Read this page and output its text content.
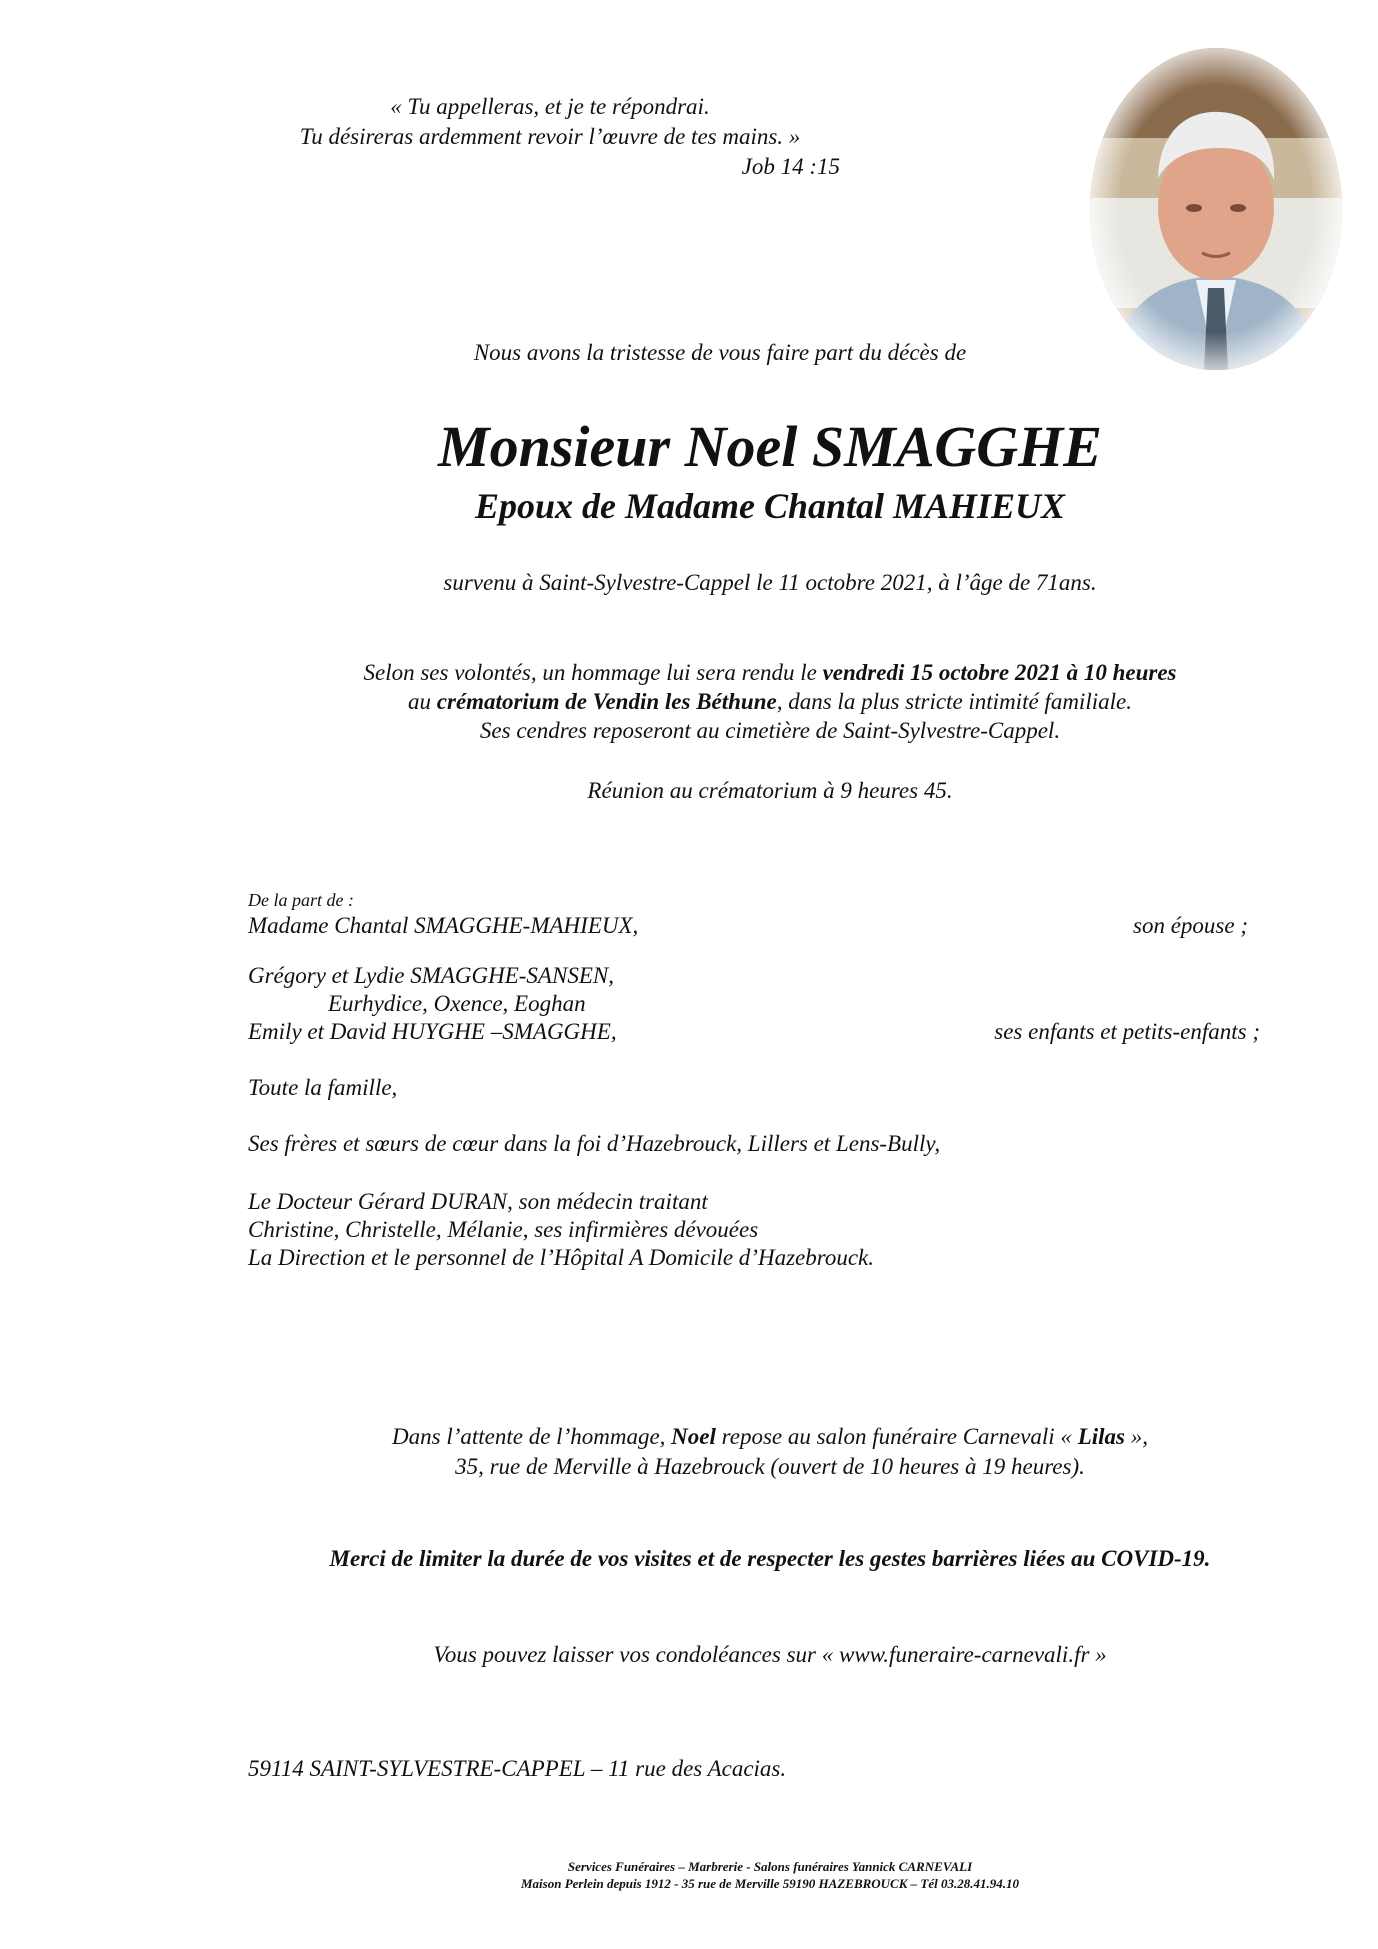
« Tu appelleras, et je te répondrai.
Tu désireras ardemment revoir l’œuvre de tes mains. »
Job 14 :15
Nous avons la tristesse de vous faire part du décès de
Monsieur Noel SMAGGHE
Epoux de Madame Chantal MAHIEUX
survenu à Saint-Sylvestre-Cappel le 11 octobre 2021, à l’âge de 71ans.
Selon ses volontés, un hommage lui sera rendu le vendredi 15 octobre 2021 à 10 heures
au crématorium de Vendin les Béthune, dans la plus stricte intimité familiale.
Ses cendres reposeront au cimetière de Saint-Sylvestre-Cappel.
Réunion au crématorium à 9 heures 45.
De la part de :
Madame Chantal SMAGGHE-MAHIEUX,	son épouse ;
Grégory et Lydie SMAGGHE-SANSEN,
Eurhydice, Oxence, Eoghan
Emily et David HUYGHE –SMAGGHE,	ses enfants et petits-enfants ;
Toute la famille,
Ses frères et sœurs de cœur dans la foi d’Hazebrouck, Lillers et Lens-Bully,
Le Docteur Gérard DURAN, son médecin traitant
Christine, Christelle, Mélanie, ses infirmières dévouées
La Direction et le personnel de l’Hôpital A Domicile d’Hazebrouck.
Dans l’attente de l’hommage, Noel repose au salon funéraire Carnevali « Lilas »,
35, rue de Merville à Hazebrouck (ouvert de 10 heures à 19 heures).
Merci de limiter la durée de vos visites et de respecter les gestes barrières liées au COVID-19.
Vous pouvez laisser vos condoléances sur « www.funeraire-carnevali.fr »
59114 SAINT-SYLVESTRE-CAPPEL – 11 rue des Acacias.
Services Funéraires – Marbrerie - Salons funéraires Yannick CARNEVALI
Maison Perlein depuis 1912 - 35 rue de Merville 59190 HAZEBROUCK – Tél 03.28.41.94.10
